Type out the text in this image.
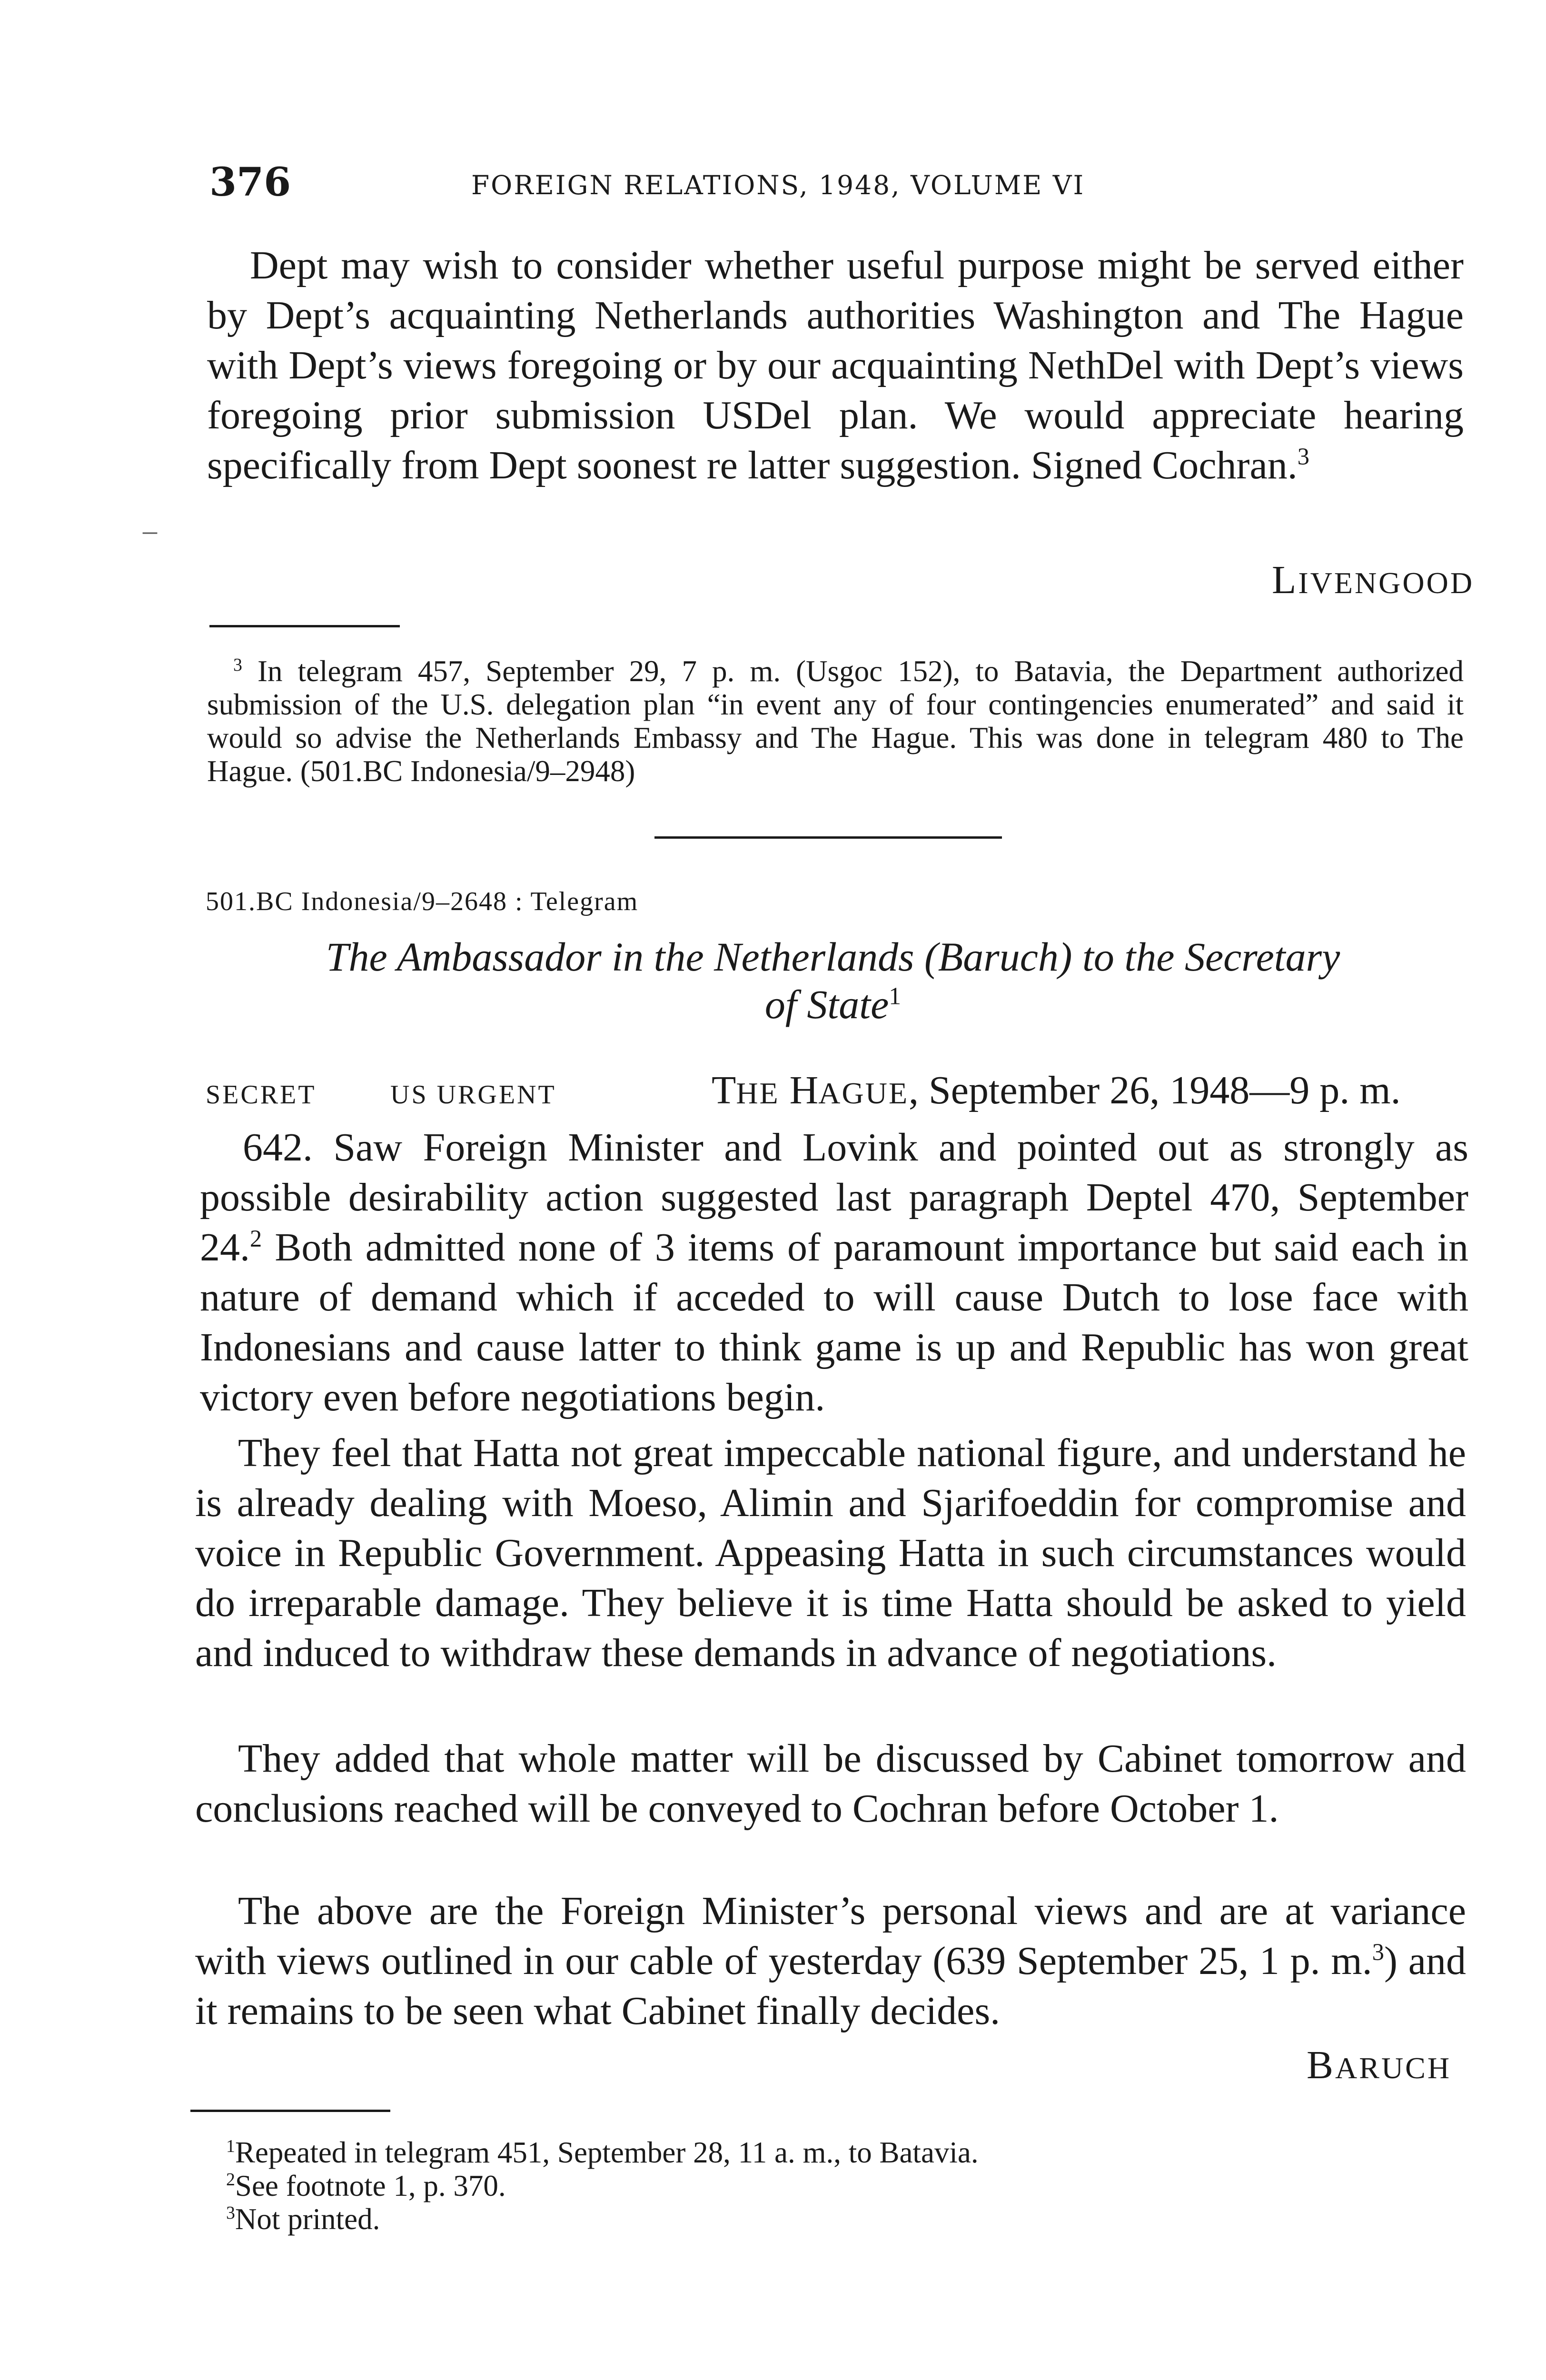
376	FOREIGN RELATIONS, 1948, VOLUME VI

Dept may wish to consider whether useful purpose might be served either by Dept’s acquainting Netherlands authorities Washington and The Hague with Dept’s views foregoing or by our acquainting NethDel with Dept’s views foregoing prior submission USDel plan. We would appreciate hearing specifically from Dept soonest re latter suggestion. Signed Cochran.$^3$

–
LIVENGOOD

$^3$ In telegram 457, September 29, 7 p. m. (Usgoc 152), to Batavia, the Department authorized submission of the U.S. delegation plan “in event any of four contingencies enumerated” and said it would so advise the Netherlands Embassy and The Hague. This was done in telegram 480 to The Hague. (501.BC Indonesia/9–2948)

501.BC Indonesia/9–2648 : Telegram
The Ambassador in the Netherlands (Baruch) to the Secretary
of State$^1$
SECRET	US URGENT	THE HAGUE, September 26, 1948—9 p. m.

642. Saw Foreign Minister and Lovink and pointed out as strongly as possible desirability action suggested last paragraph Deptel 470, September 24.$^2$ Both admitted none of 3 items of paramount importance but said each in nature of demand which if acceded to will cause Dutch to lose face with Indonesians and cause latter to think game is up and Republic has won great victory even before negotiations begin.

They feel that Hatta not great impeccable national figure, and understand he is already dealing with Moeso, Alimin and Sjarifoeddin for compromise and voice in Republic Government. Appeasing Hatta in such circumstances would do irreparable damage. They believe it is time Hatta should be asked to yield and induced to withdraw these demands in advance of negotiations.

They added that whole matter will be discussed by Cabinet tomorrow and conclusions reached will be conveyed to Cochran before October 1.

The above are the Foreign Minister’s personal views and are at variance with views outlined in our cable of yesterday (639 September 25, 1 p. m.$^3$) and it remains to be seen what Cabinet finally decides.

BARUCH
$^1$Repeated in telegram 451, September 28, 11 a. m., to Batavia.
$^2$See footnote 1, p. 370.
$^3$Not printed.
